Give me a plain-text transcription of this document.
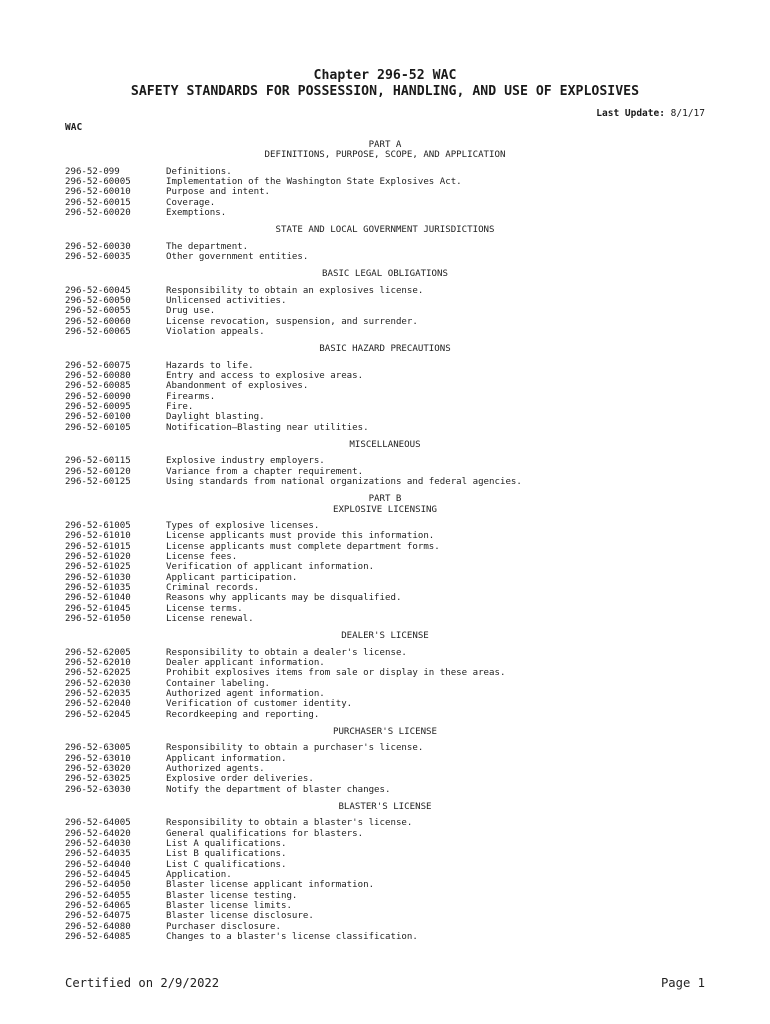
Chapter 296-52 WAC
SAFETY STANDARDS FOR POSSESSION, HANDLING, AND USE OF EXPLOSIVES
Last Update: 8/1/17
WAC
PART A
DEFINITIONS, PURPOSE, SCOPE, AND APPLICATION
296-52-099	Definitions.
296-52-60005	Implementation of the Washington State Explosives Act.
296-52-60010	Purpose and intent.
296-52-60015	Coverage.
296-52-60020	Exemptions.
STATE AND LOCAL GOVERNMENT JURISDICTIONS
296-52-60030	The department.
296-52-60035	Other government entities.
BASIC LEGAL OBLIGATIONS
296-52-60045	Responsibility to obtain an explosives license.
296-52-60050	Unlicensed activities.
296-52-60055	Drug use.
296-52-60060	License revocation, suspension, and surrender.
296-52-60065	Violation appeals.
BASIC HAZARD PRECAUTIONS
296-52-60075	Hazards to life.
296-52-60080	Entry and access to explosive areas.
296-52-60085	Abandonment of explosives.
296-52-60090	Firearms.
296-52-60095	Fire.
296-52-60100	Daylight blasting.
296-52-60105	Notification—Blasting near utilities.
MISCELLANEOUS
296-52-60115	Explosive industry employers.
296-52-60120	Variance from a chapter requirement.
296-52-60125	Using standards from national organizations and federal agencies.
PART B
EXPLOSIVE LICENSING
296-52-61005	Types of explosive licenses.
296-52-61010	License applicants must provide this information.
296-52-61015	License applicants must complete department forms.
296-52-61020	License fees.
296-52-61025	Verification of applicant information.
296-52-61030	Applicant participation.
296-52-61035	Criminal records.
296-52-61040	Reasons why applicants may be disqualified.
296-52-61045	License terms.
296-52-61050	License renewal.
DEALER'S LICENSE
296-52-62005	Responsibility to obtain a dealer's license.
296-52-62010	Dealer applicant information.
296-52-62025	Prohibit explosives items from sale or display in these areas.
296-52-62030	Container labeling.
296-52-62035	Authorized agent information.
296-52-62040	Verification of customer identity.
296-52-62045	Recordkeeping and reporting.
PURCHASER'S LICENSE
296-52-63005	Responsibility to obtain a purchaser's license.
296-52-63010	Applicant information.
296-52-63020	Authorized agents.
296-52-63025	Explosive order deliveries.
296-52-63030	Notify the department of blaster changes.
BLASTER'S LICENSE
296-52-64005	Responsibility to obtain a blaster's license.
296-52-64020	General qualifications for blasters.
296-52-64030	List A qualifications.
296-52-64035	List B qualifications.
296-52-64040	List C qualifications.
296-52-64045	Application.
296-52-64050	Blaster license applicant information.
296-52-64055	Blaster license testing.
296-52-64065	Blaster license limits.
296-52-64075	Blaster license disclosure.
296-52-64080	Purchaser disclosure.
296-52-64085	Changes to a blaster's license classification.
Certified on 2/9/2022	Page 1
